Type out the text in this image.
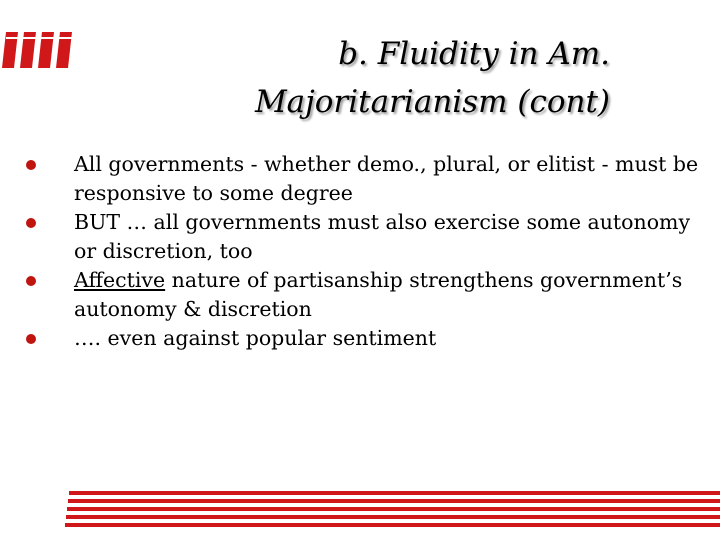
b. Fluidity in Am.
Majoritarianism (cont)
All governments - whether demo., plural, or elitist - must be responsive to some degree
BUT … all governments must also exercise some autonomy or discretion, too
Affective nature of partisanship strengthens government’s autonomy & discretion
…. even against popular sentiment
